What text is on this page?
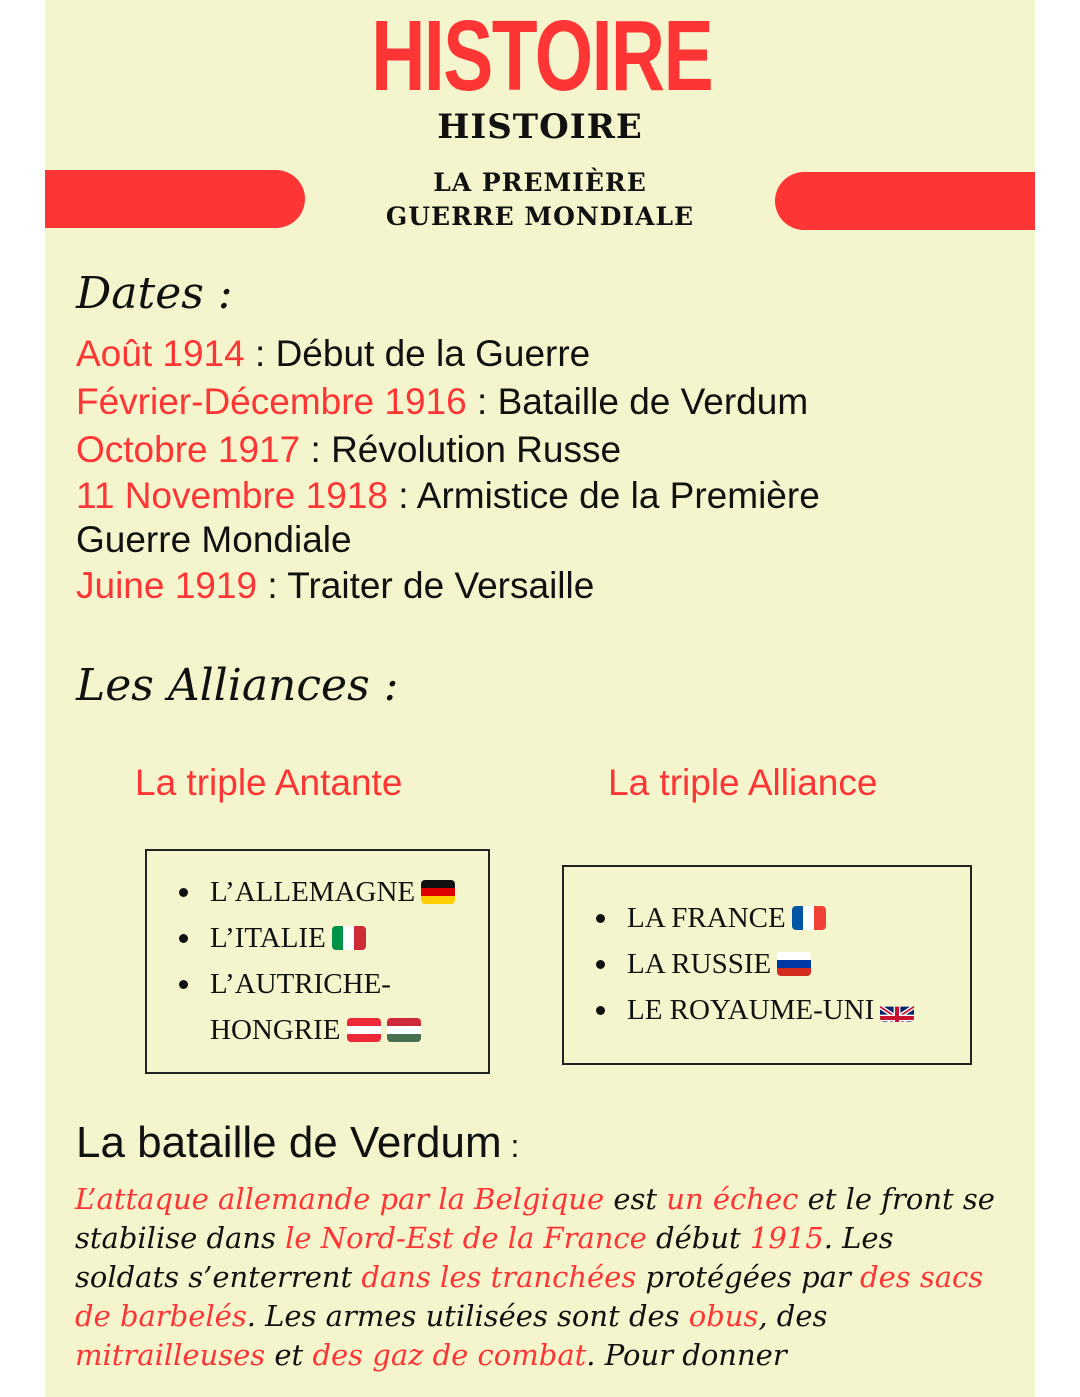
HISTOIRE
HISTOIRE
LA PREMIÈRE
GUERRE MONDIALE
Dates :
Août 1914 : Début de la Guerre
Février-Décembre 1916 : Bataille de Verdum
Octobre 1917 : Révolution Russe
11 Novembre 1918 : Armistice de la Première Guerre Mondiale
Juine 1919 : Traiter de Versaille
Les Alliances :
La triple Antante	La triple Alliance
L’ALLEMAGNE
L’ITALIE
L’AUTRICHE-HONGRIE
LA FRANCE
LA RUSSIE
LE ROYAUME-UNI
La bataille de Verdum :
L’attaque allemande par la Belgique est un échec et le front se stabilise dans le Nord-Est de la France début 1915. Les soldats s’enterrent dans les tranchées protégées par des sacs de barbelés. Les armes utilisées sont des obus, des mitrailleuses et des gaz de combat. Pour donner
